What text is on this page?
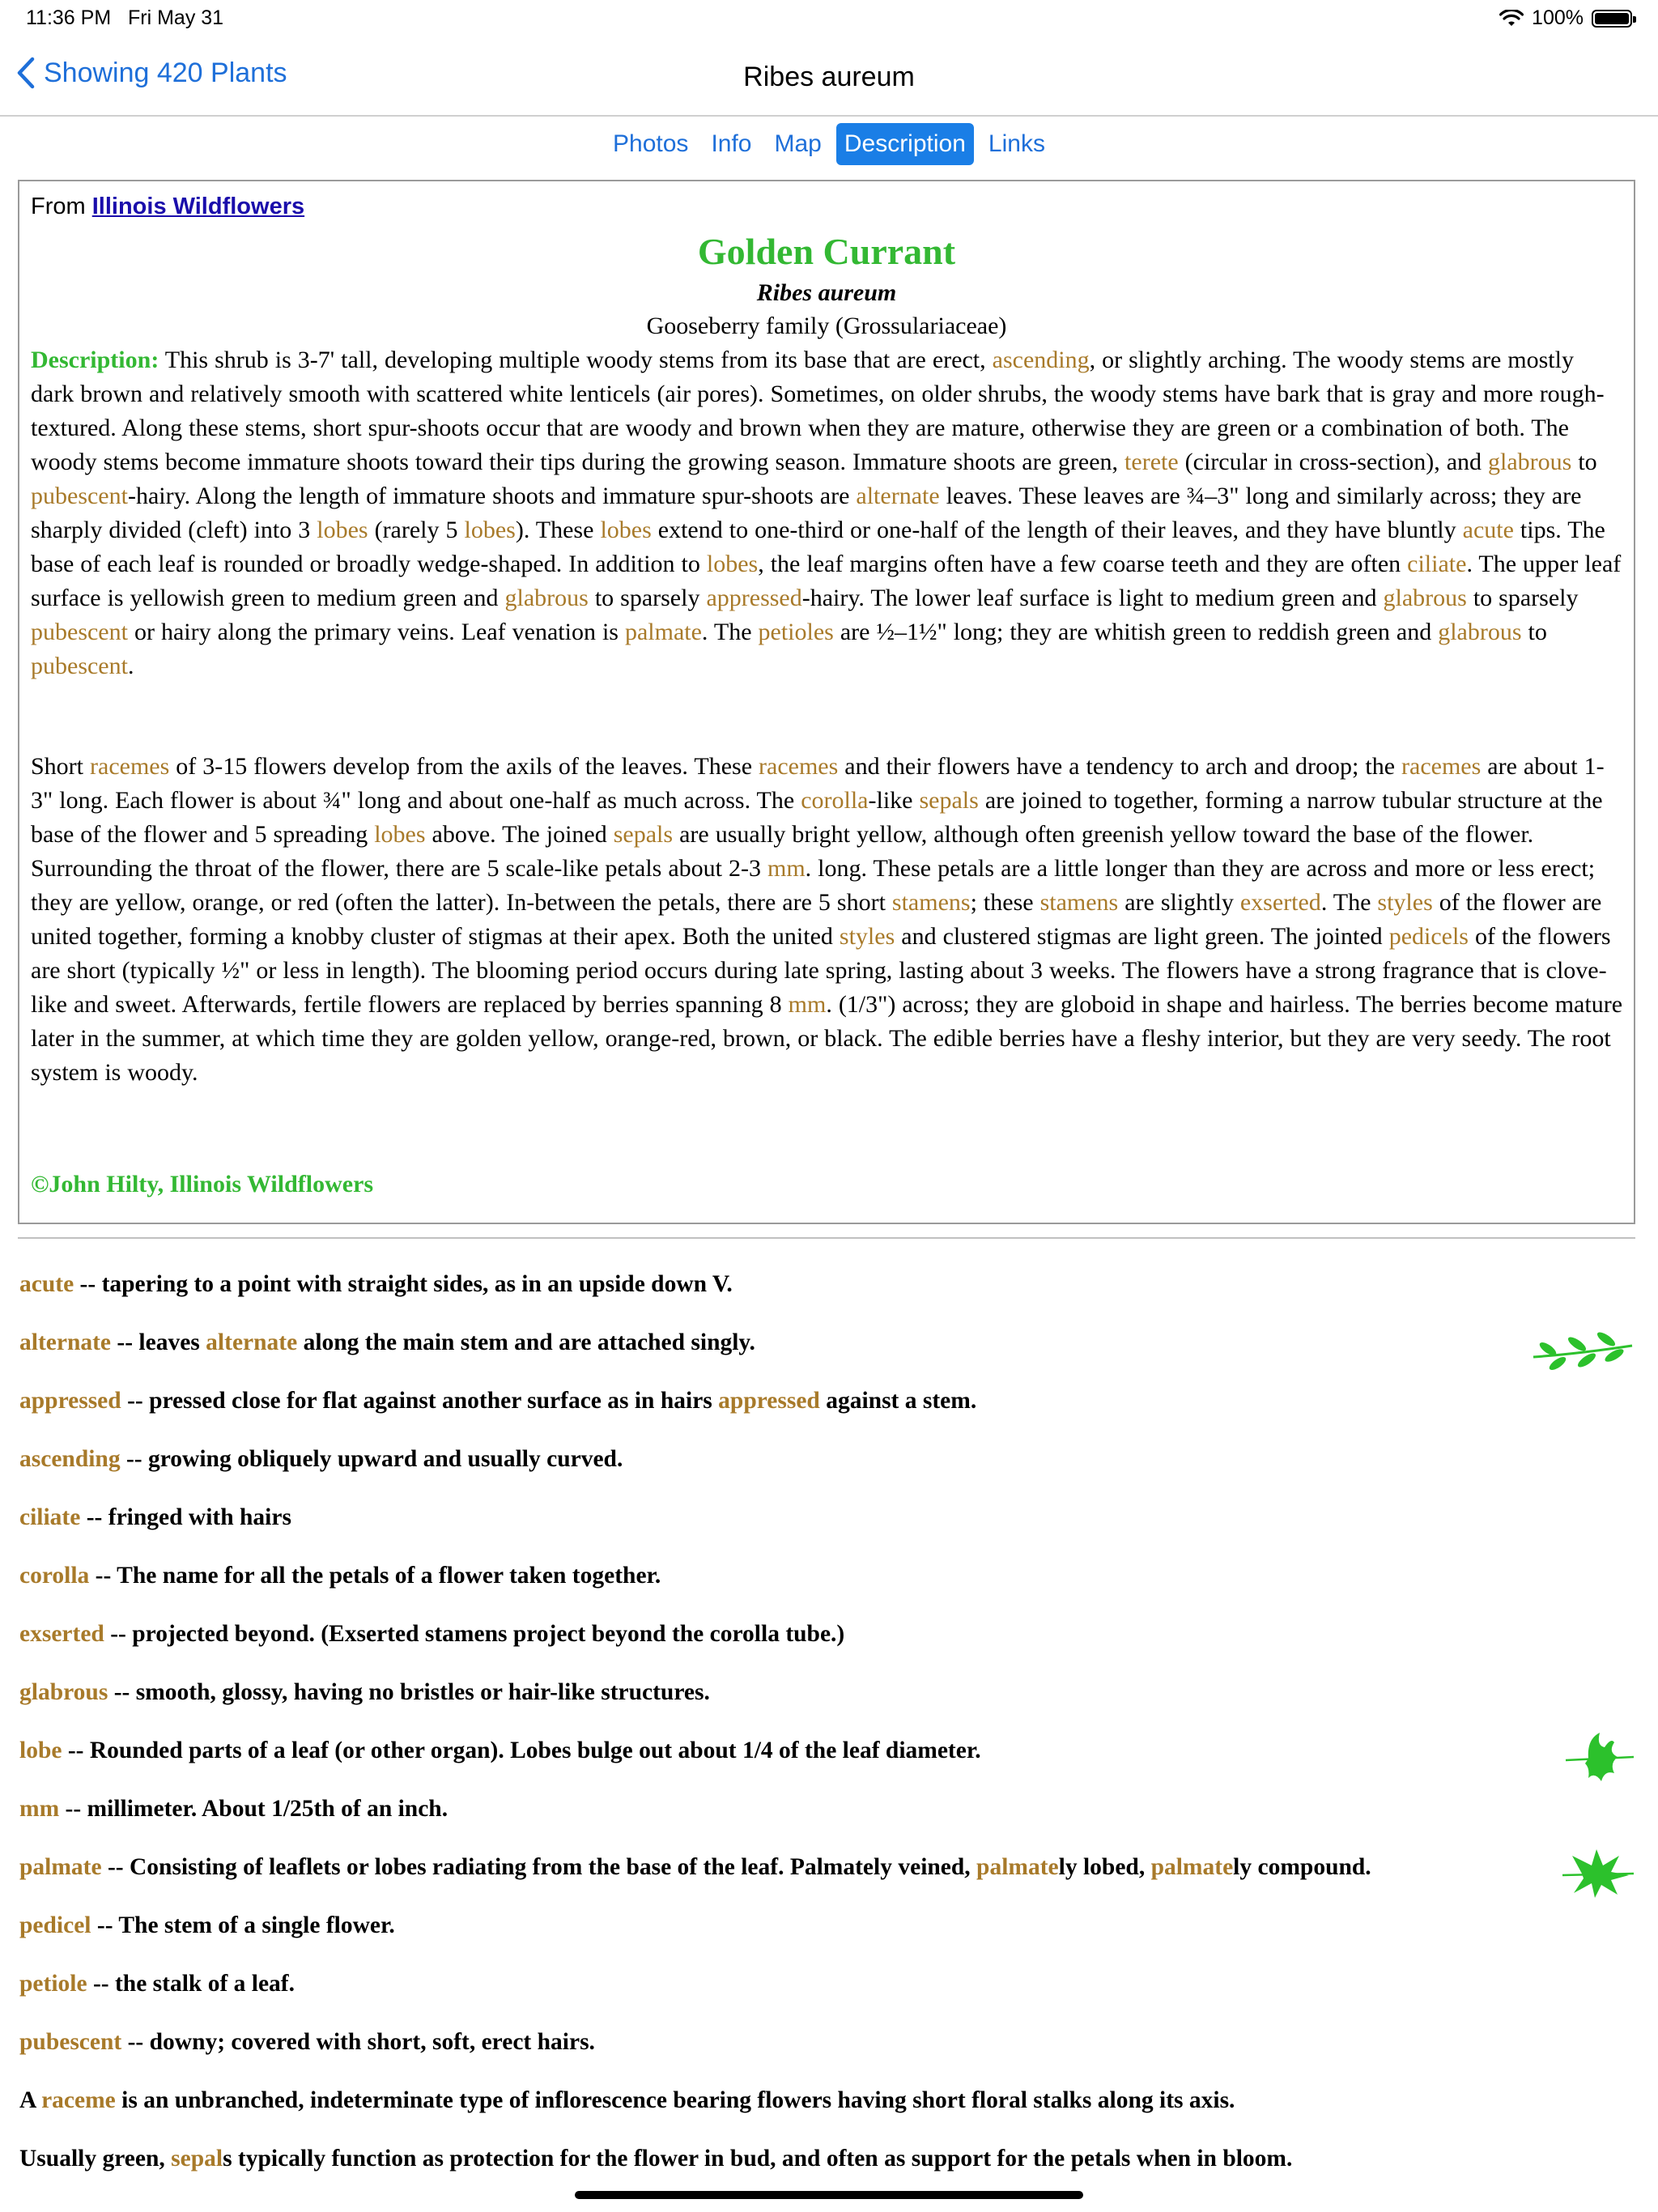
11:36 PM Fri May 31	100%
Showing 420 Plants	Ribes aureum
Photos Info Map Description Links
From Illinois Wildflowers
Golden Currant
Ribes aureum
Gooseberry family (Grossulariaceae)

Description: This shrub is 3-7' tall, developing multiple woody stems from its base that are erect, ascending, or slightly arching. The woody stems are mostly dark brown and relatively smooth with scattered white lenticels (air pores). Sometimes, on older shrubs, the woody stems have bark that is gray and more rough-textured. Along these stems, short spur-shoots occur that are woody and brown when they are mature, otherwise they are green or a combination of both. The woody stems become immature shoots toward their tips during the growing season. Immature shoots are green, terete (circular in cross-section), and glabrous to pubescent-hairy. Along the length of immature shoots and immature spur-shoots are alternate leaves. These leaves are ¾–3" long and similarly across; they are sharply divided (cleft) into 3 lobes (rarely 5 lobes). These lobes extend to one-third or one-half of the length of their leaves, and they have bluntly acute tips. The base of each leaf is rounded or broadly wedge-shaped. In addition to lobes, the leaf margins often have a few coarse teeth and they are often ciliate. The upper leaf surface is yellowish green to medium green and glabrous to sparsely appressed-hairy. The lower leaf surface is light to medium green and glabrous to sparsely pubescent or hairy along the primary veins. Leaf venation is palmate. The petioles are ½–1½" long; they are whitish green to reddish green and glabrous to pubescent.

Short racemes of 3-15 flowers develop from the axils of the leaves. These racemes and their flowers have a tendency to arch and droop; the racemes are about 1-3" long. Each flower is about ¾" long and about one-half as much across. The corolla-like sepals are joined to together, forming a narrow tubular structure at the base of the flower and 5 spreading lobes above. The joined sepals are usually bright yellow, although often greenish yellow toward the base of the flower. Surrounding the throat of the flower, there are 5 scale-like petals about 2-3 mm. long. These petals are a little longer than they are across and more or less erect; they are yellow, orange, or red (often the latter). In-between the petals, there are 5 short stamens; these stamens are slightly exserted. The styles of the flower are united together, forming a knobby cluster of stigmas at their apex. Both the united styles and clustered stigmas are light green. The jointed pedicels of the flowers are short (typically ½" or less in length). The blooming period occurs during late spring, lasting about 3 weeks. The flowers have a strong fragrance that is clove-like and sweet. Afterwards, fertile flowers are replaced by berries spanning 8 mm. (1/3") across; they are globoid in shape and hairless. The berries become mature later in the summer, at which time they are golden yellow, orange-red, brown, or black. The edible berries have a fleshy interior, but they are very seedy. The root system is woody.

©John Hilty, Illinois Wildflowers
acute -- tapering to a point with straight sides, as in an upside down V.
alternate -- leaves alternate along the main stem and are attached singly.
appressed -- pressed close for flat against another surface as in hairs appressed against a stem.
ascending -- growing obliquely upward and usually curved.
ciliate -- fringed with hairs
corolla -- The name for all the petals of a flower taken together.
exserted -- projected beyond. (Exserted stamens project beyond the corolla tube.)
glabrous -- smooth, glossy, having no bristles or hair-like structures.
lobe -- Rounded parts of a leaf (or other organ). Lobes bulge out about 1/4 of the leaf diameter.
mm -- millimeter. About 1/25th of an inch.
palmate -- Consisting of leaflets or lobes radiating from the base of the leaf. Palmately veined, palmately lobed, palmately compound.
pedicel -- The stem of a single flower.
petiole -- the stalk of a leaf.
pubescent -- downy; covered with short, soft, erect hairs.
A raceme is an unbranched, indeterminate type of inflorescence bearing flowers having short floral stalks along its axis.
Usually green, sepals typically function as protection for the flower in bud, and often as support for the petals when in bloom.
